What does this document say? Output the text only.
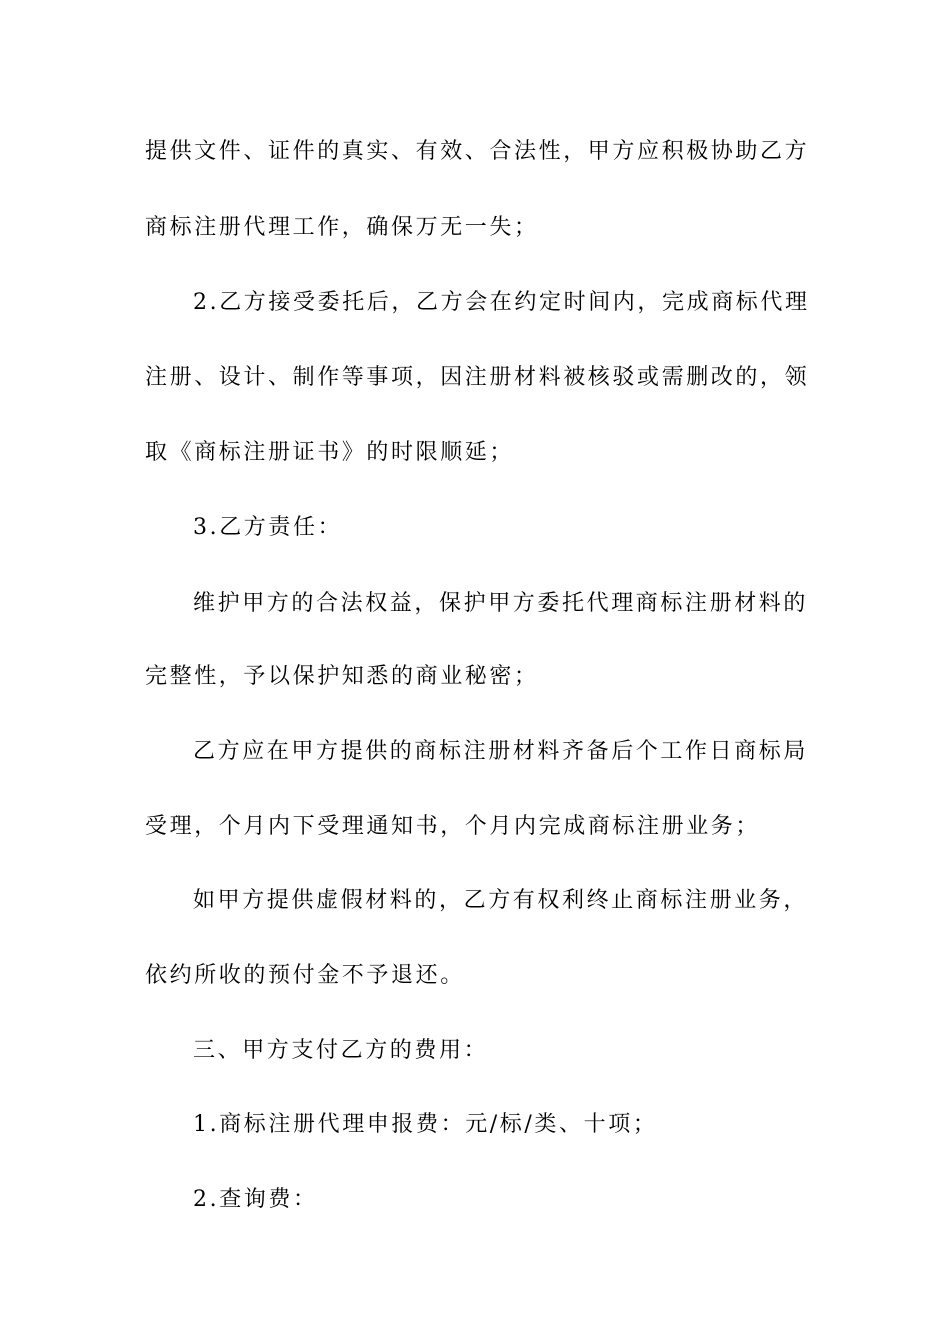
提供文件、证件的真实、有效、合法性，甲方应积极协助乙方
商标注册代理工作，确保万无一失；
2.乙方接受委托后，乙方会在约定时间内，完成商标代理
注册、设计、制作等事项，因注册材料被核驳或需删改的，领
取《商标注册证书》的时限顺延；
3.乙方责任：
维护甲方的合法权益，保护甲方委托代理商标注册材料的
完整性，予以保护知悉的商业秘密；
乙方应在甲方提供的商标注册材料齐备后个工作日商标局
受理，个月内下受理通知书，个月内完成商标注册业务；
如甲方提供虚假材料的，乙方有权利终止商标注册业务，
依约所收的预付金不予退还。
三、甲方支付乙方的费用：
1.商标注册代理申报费：元/标/类、十项；
2.查询费：
